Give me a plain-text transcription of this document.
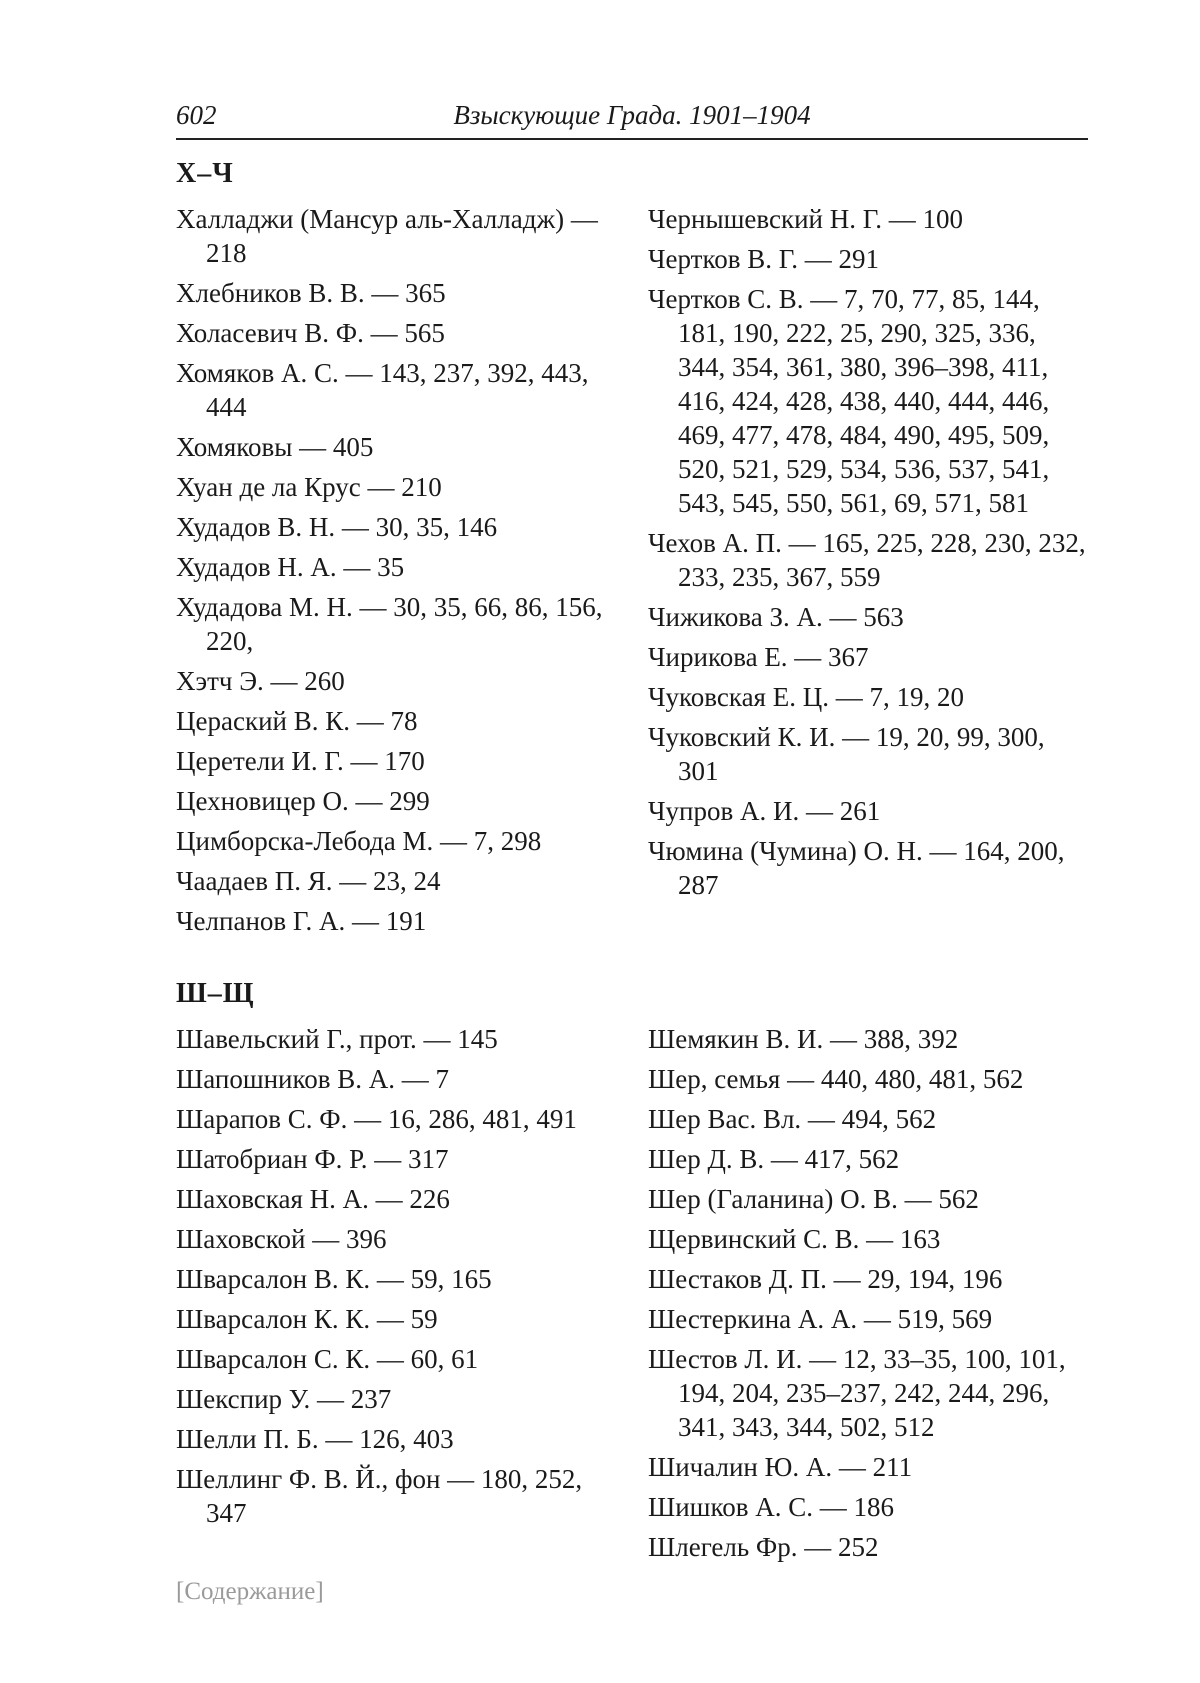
602	Взыскующие Града. 1901–1904
Х–Ч
Халладжи (Мансур аль-Халладж) — 218
Хлебников В. В. — 365
Холасевич В. Ф. — 565
Хомяков А. С. — 143, 237, 392, 443, 444
Хомяковы — 405
Хуан де ла Крус — 210
Худадов В. Н. — 30, 35, 146
Худадов Н. А. — 35
Худадова М. Н. — 30, 35, 66, 86, 156, 220,
Хэтч Э. — 260
Цераский В. К. — 78
Церетели И. Г. — 170
Цехновицер О. — 299
Цимборска-Лебода М. — 7, 298
Чаадаев П. Я. — 23, 24
Челпанов Г. А. — 191
Чернышевский Н. Г. — 100
Чертков В. Г. — 291
Чертков С. В. — 7, 70, 77, 85, 144, 181, 190, 222, 25, 290, 325, 336, 344, 354, 361, 380, 396–398, 411, 416, 424, 428, 438, 440, 444, 446, 469, 477, 478, 484, 490, 495, 509, 520, 521, 529, 534, 536, 537, 541, 543, 545, 550, 561, 69, 571, 581
Чехов А. П. — 165, 225, 228, 230, 232, 233, 235, 367, 559
Чижикова З. А. — 563
Чирикова Е. — 367
Чуковская Е. Ц. — 7, 19, 20
Чуковский К. И. — 19, 20, 99, 300, 301
Чупров А. И. — 261
Чюмина (Чумина) О. Н. — 164, 200, 287
Ш–Щ
Шавельский Г., прот. — 145
Шапошников В. А. — 7
Шарапов С. Ф. — 16, 286, 481, 491
Шатобриан Ф. Р. — 317
Шаховская Н. А. — 226
Шаховской — 396
Шварсалон В. К. — 59, 165
Шварсалон К. К. — 59
Шварсалон С. К. — 60, 61
Шекспир У. — 237
Шелли П. Б. — 126, 403
Шеллинг Ф. В. Й., фон — 180, 252, 347
Шемякин В. И. — 388, 392
Шер, семья — 440, 480, 481, 562
Шер Вас. Вл. — 494, 562
Шер Д. В. — 417, 562
Шер (Галанина) О. В. — 562
Щервинский С. В. — 163
Шестаков Д. П. — 29, 194, 196
Шестеркина А. А. — 519, 569
Шестов Л. И. — 12, 33–35, 100, 101, 194, 204, 235–237, 242, 244, 296, 341, 343, 344, 502, 512
Шичалин Ю. А. — 211
Шишков А. С. — 186
Шлегель Фр. — 252
[Содержание]
